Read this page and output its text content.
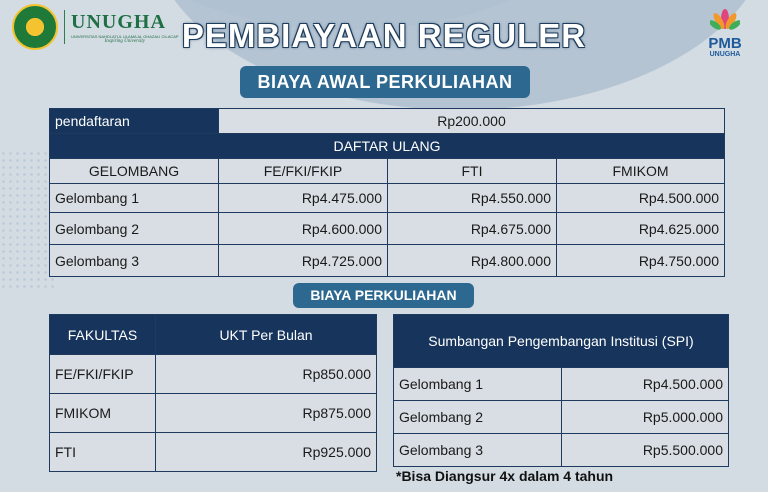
UNUGHA
UNIVERSITAS NAHDLATUL ULAMA AL GHAZALI CILACAP
Inspiring University	PMB
UNUGHA
PEMBIAYAAN REGULER
BIAYA AWAL PERKULIAHAN
pendaftaran	Rp200.000		
DAFTAR ULANG			
GELOMBANG	FE/FKI/FKIP	FTI	FMIKOM
Gelombang 1	Rp4.475.000	Rp4.550.000	Rp4.500.000
Gelombang 2	Rp4.600.000	Rp4.675.000	Rp4.625.000
Gelombang 3	Rp4.725.000	Rp4.800.000	Rp4.750.000
BIAYA PERKULIAHAN
FAKULTAS	UKT Per Bulan
FE/FKI/FKIP	Rp850.000
FMIKOM	Rp875.000
FTI	Rp925.000
Sumbangan Pengembangan Institusi (SPI)	
Gelombang 1	Rp4.500.000
Gelombang 2	Rp5.000.000
Gelombang 3	Rp5.500.000
*Bisa Diangsur 4x dalam 4 tahun
